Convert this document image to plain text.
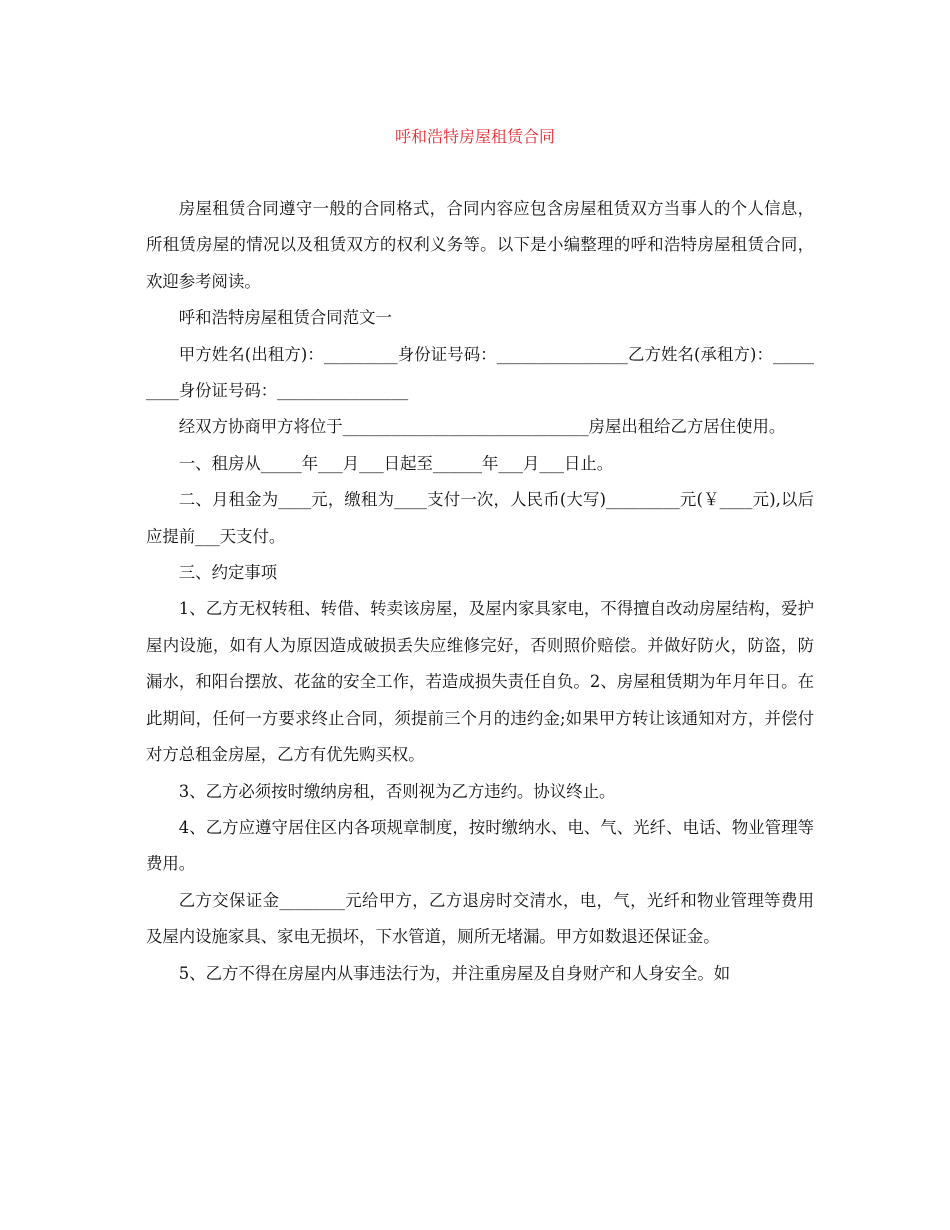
呼和浩特房屋租赁合同

房屋租赁合同遵守一般的合同格式，合同内容应包含房屋租赁双方当事人的个人信息，所租赁房屋的情况以及租赁双方的权利义务等。以下是小编整理的呼和浩特房屋租赁合同，欢迎参考阅读。

呼和浩特房屋租赁合同范文一

甲方姓名(出租方)：_________身份证号码：________________乙方姓名(承租方)：_________身份证号码：________________

经双方协商甲方将位于______________________________房屋出租给乙方居住使用。

一、租房从_____年___月___日起至______年___月___日止。

二、月租金为____元，缴租为____支付一次，人民币(大写)_________元(￥____元),以后应提前___天支付。

三、约定事项

1、乙方无权转租、转借、转卖该房屋，及屋内家具家电，不得擅自改动房屋结构，爱护屋内设施，如有人为原因造成破损丢失应维修完好，否则照价赔偿。并做好防火，防盗，防漏水，和阳台摆放、花盆的安全工作，若造成损失责任自负。2、房屋租赁期为年月年日。在此期间，任何一方要求终止合同，须提前三个月的违约金;如果甲方转让该通知对方，并偿付对方总租金房屋，乙方有优先购买权。

3、乙方必须按时缴纳房租，否则视为乙方违约。协议终止。

4、乙方应遵守居住区内各项规章制度，按时缴纳水、电、气、光纤、电话、物业管理等费用。

乙方交保证金________元给甲方，乙方退房时交清水，电，气，光纤和物业管理等费用及屋内设施家具、家电无损坏，下水管道，厕所无堵漏。甲方如数退还保证金。

5、乙方不得在房屋内从事违法行为，并注重房屋及自身财产和人身安全。如
